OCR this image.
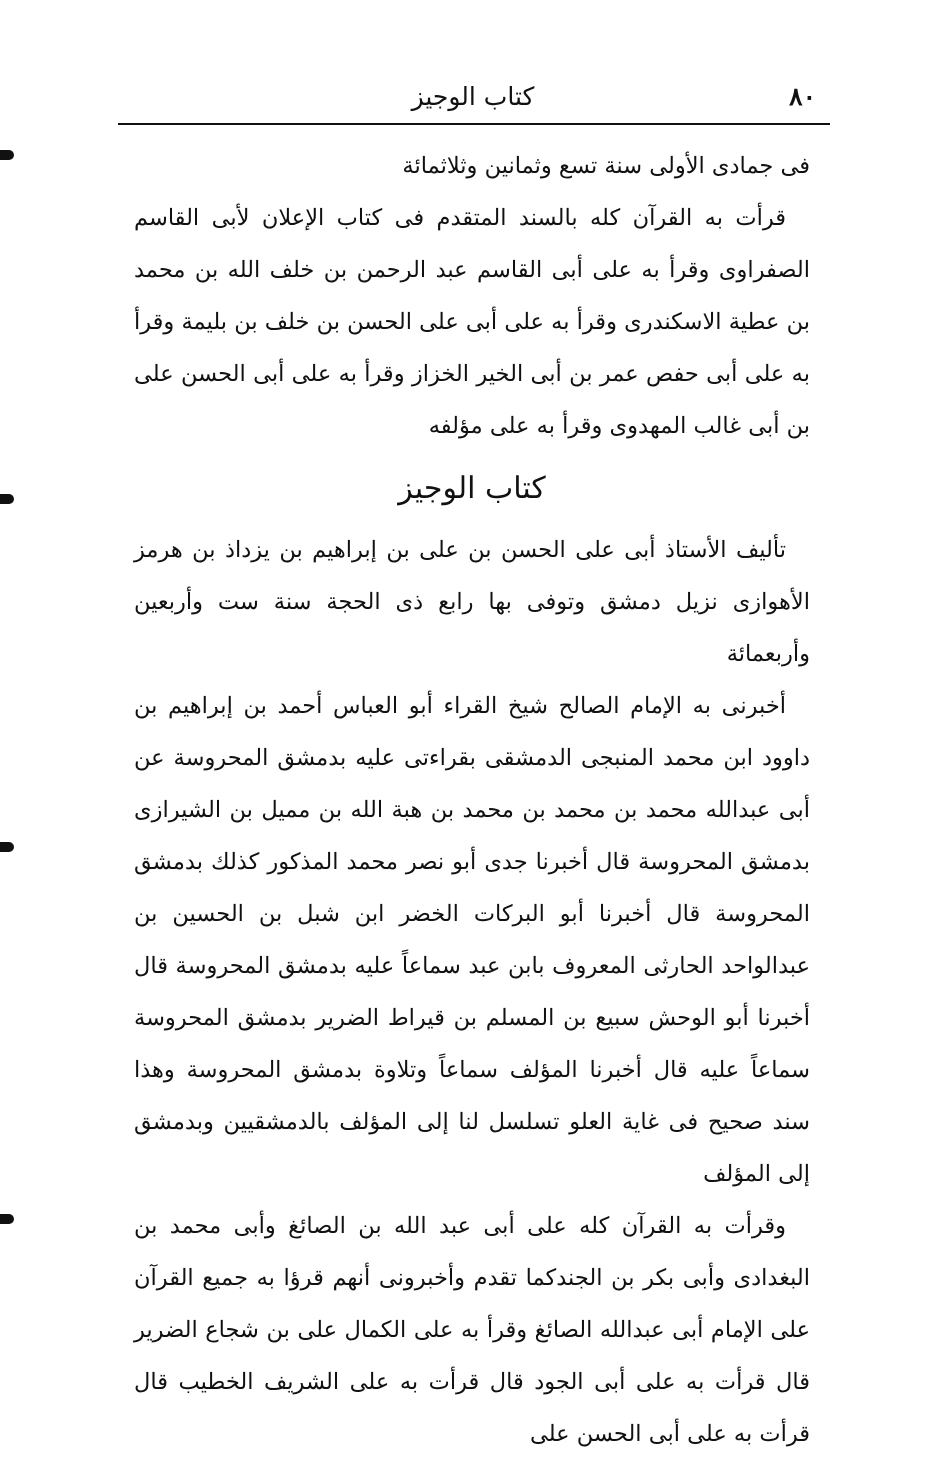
كتاب الوجيز	٨٠

فى جمادى الأولى سنة تسع وثمانين وثلاثمائة

قرأت به القرآن كله بالسند المتقدم فى كتاب الإعلان لأبى القاسم الصفراوى وقرأ به على أبى القاسم عبد الرحمن بن خلف الله بن محمد بن عطية الاسكندرى وقرأ به على أبى على الحسن بن خلف بن بليمة وقرأ به على أبى حفص عمر بن أبى الخير الخزاز وقرأ به على أبى الحسن على بن أبى غالب المهدوى وقرأ به على مؤلفه

كتاب الوجيز

تأليف الأستاذ أبى على الحسن بن على بن إبراهيم بن يزداذ بن هرمز الأهوازى نزيل دمشق وتوفى بها رابع ذى الحجة سنة ست وأربعين وأربعمائة

أخبرنى به الإمام الصالح شيخ القراء أبو العباس أحمد بن إبراهيم بن داوود ابن محمد المنبجى الدمشقى بقراءتى عليه بدمشق المحروسة عن أبى عبدالله محمد بن محمد بن محمد بن هبة الله بن مميل بن الشيرازى بدمشق المحروسة قال أخبرنا جدى أبو نصر محمد المذكور كذلك بدمشق المحروسة قال أخبرنا أبو البركات الخضر ابن شبل بن الحسين بن عبدالواحد الحارثى المعروف بابن عبد سماعاً عليه بدمشق المحروسة قال أخبرنا أبو الوحش سبيع بن المسلم بن قيراط الضرير بدمشق المحروسة سماعاً عليه قال أخبرنا المؤلف سماعاً وتلاوة بدمشق المحروسة وهذا سند صحيح فى غاية العلو تسلسل لنا إلى المؤلف بالدمشقيين وبدمشق إلى المؤلف

وقرأت به القرآن كله على أبى عبد الله بن الصائغ وأبى محمد بن البغدادى وأبى بكر بن الجندكما تقدم وأخبرونى أنهم قرؤا به جميع القرآن على الإمام أبى عبدالله الصائغ وقرأ به على الكمال على بن شجاع الضرير قال قرأت به على أبى الجود قال قرأت به على الشريف الخطيب قال قرأت به على أبى الحسن على
